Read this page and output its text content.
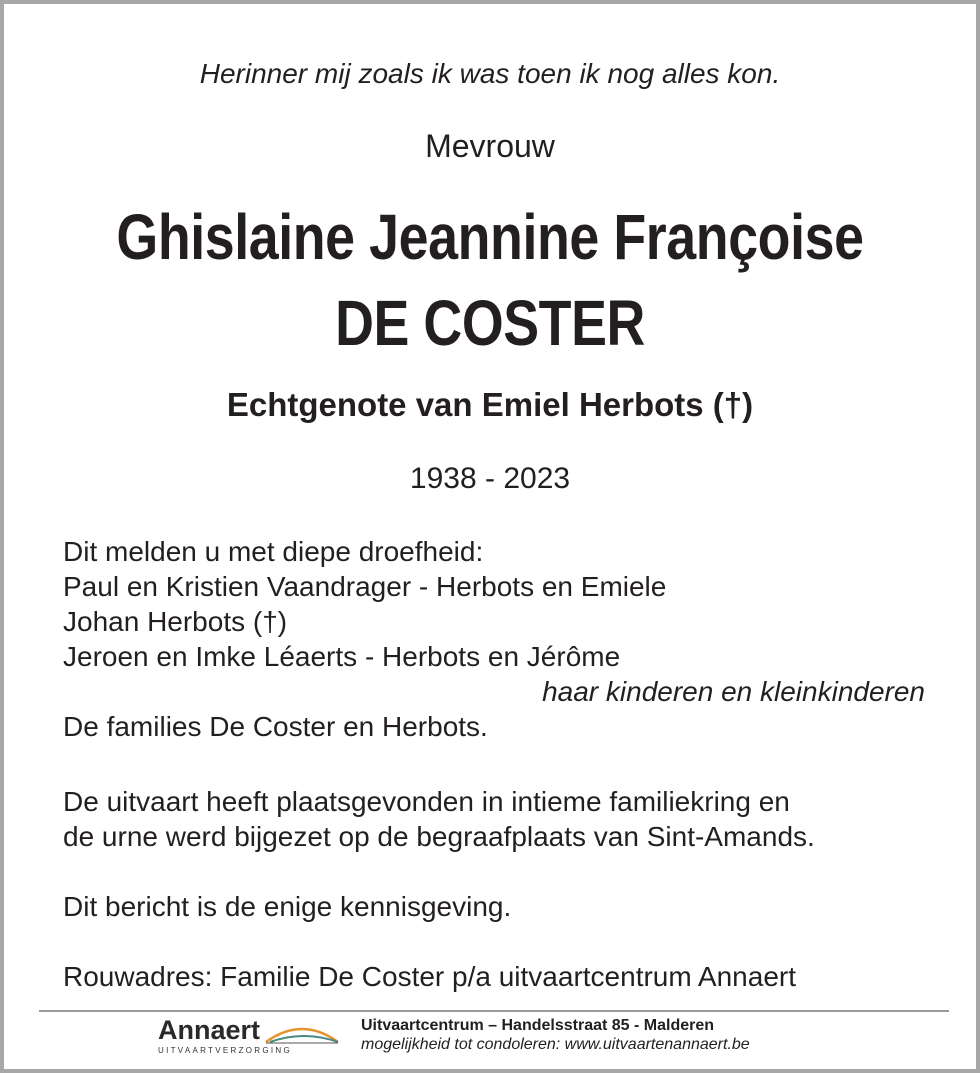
Herinner mij zoals ik was toen ik nog alles kon.
Mevrouw
Ghislaine Jeannine Françoise
DE COSTER
Echtgenote van Emiel Herbots (†)
1938 - 2023
Dit melden u met diepe droefheid:
Paul en Kristien Vaandrager - Herbots en Emiele
Johan Herbots (†)
Jeroen en Imke Léaerts - Herbots en Jérôme
haar kinderen en kleinkinderen
De families De Coster en Herbots.
De uitvaart heeft plaatsgevonden in intieme familiekring en
de urne werd bijgezet op de begraafplaats van Sint-Amands.
Dit bericht is de enige kennisgeving.
Rouwadres: Familie De Coster p/a uitvaartcentrum Annaert
Annaert
UITVAARTVERZORGING
Uitvaartcentrum – Handelsstraat 85 - Malderen
mogelijkheid tot condoleren: www.uitvaartenannaert.be
